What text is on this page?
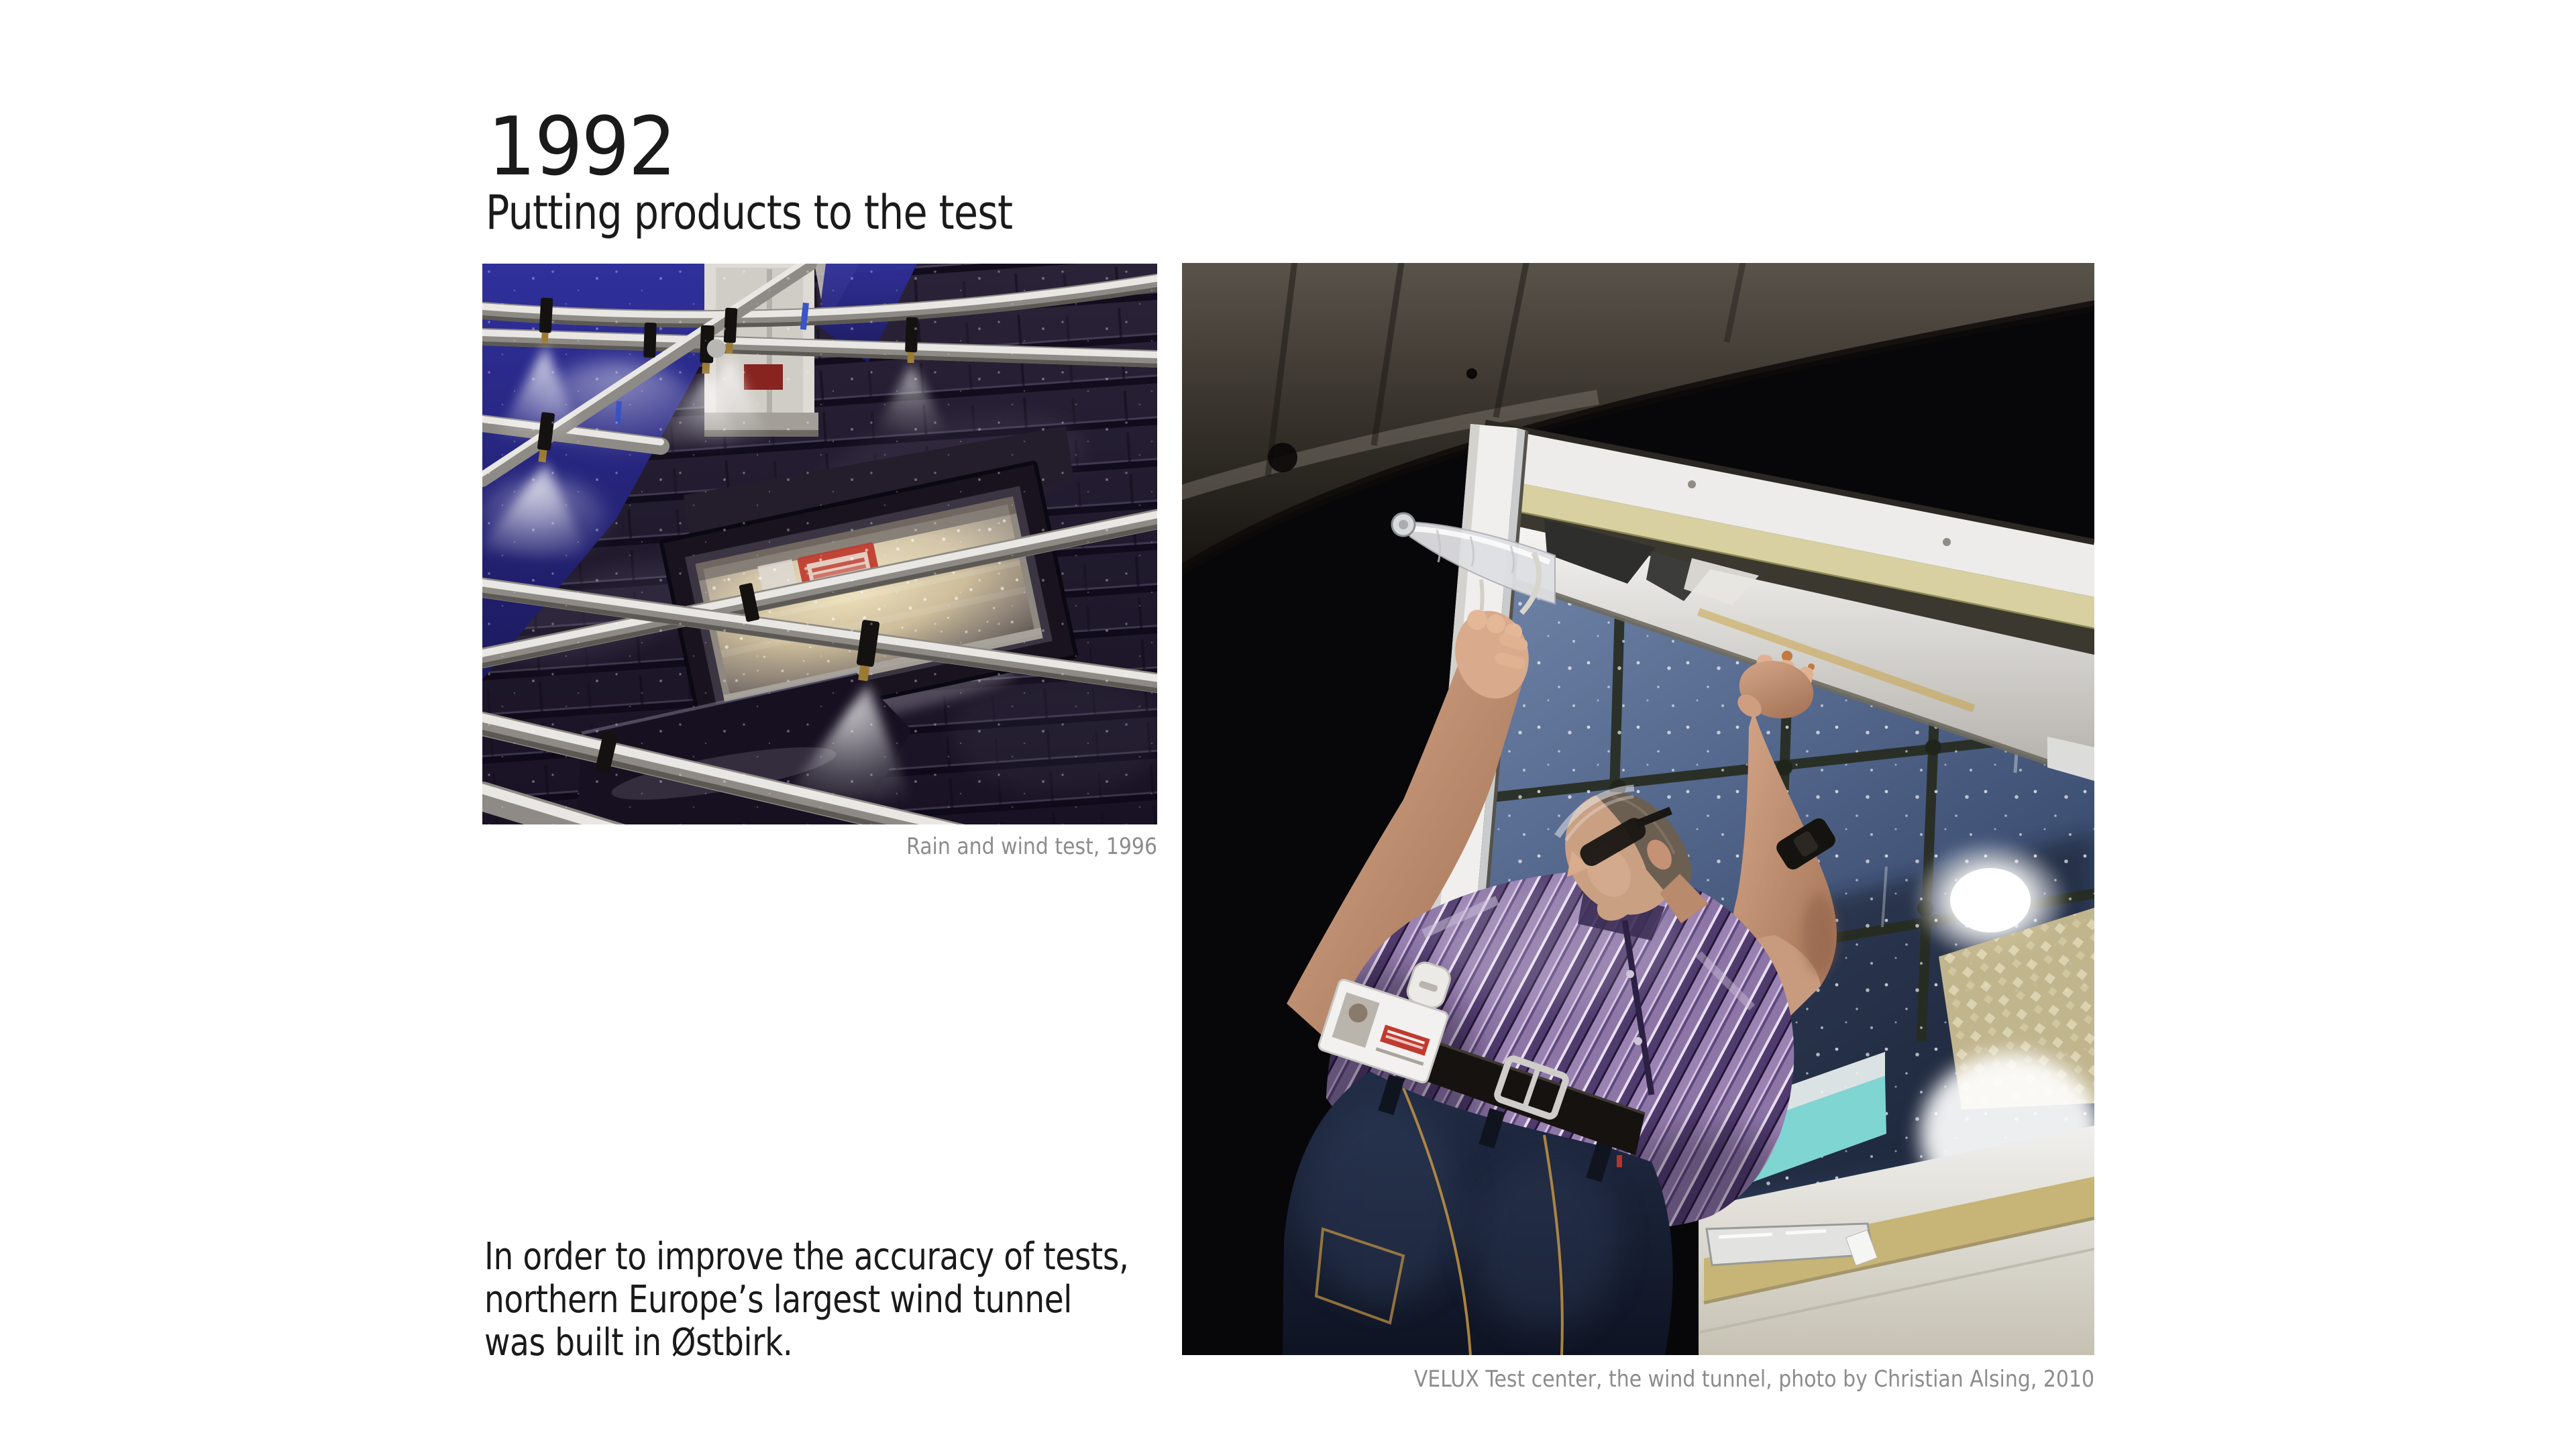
1992
Putting products to the test
Rain and wind test, 1996
VELUX Test center, the wind tunnel, photo by Christian Alsing, 2010
In order to improve the accuracy of tests,
northern Europe’s largest wind tunnel
was built in Østbirk.
